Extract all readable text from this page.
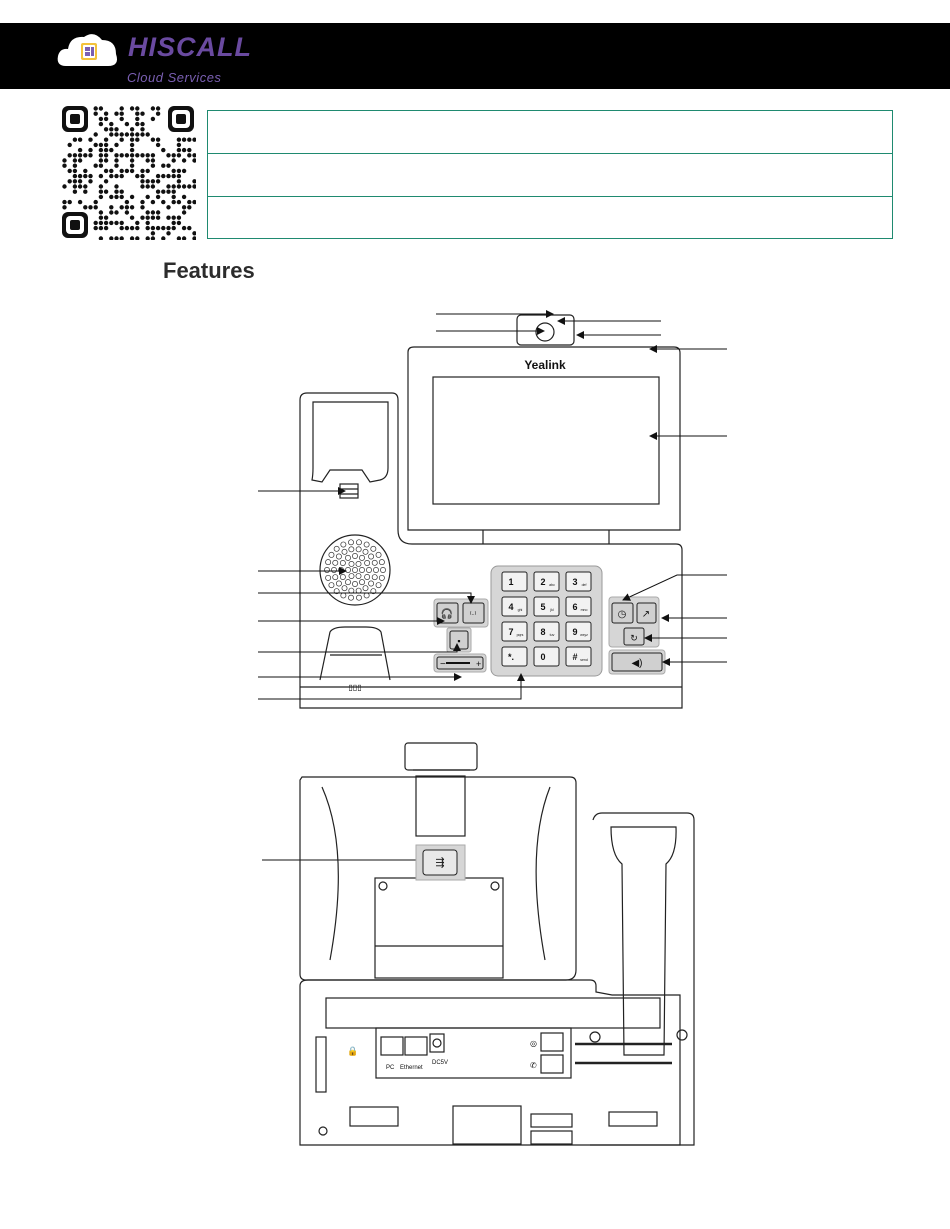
HISCALL
Cloud Services
Features
Yealink
1	2 abc 3 def
4 ghi 5 jkl 6 mno
7 pqrs 8 tuv 9 wxyz
*.	0	# send
🎧 ⁽·⁾
▪
−	+
◷ ↗
↻
◀)
▯▯▯
⇶
PC Ethernet
DC5V
🔒
◎
✆
